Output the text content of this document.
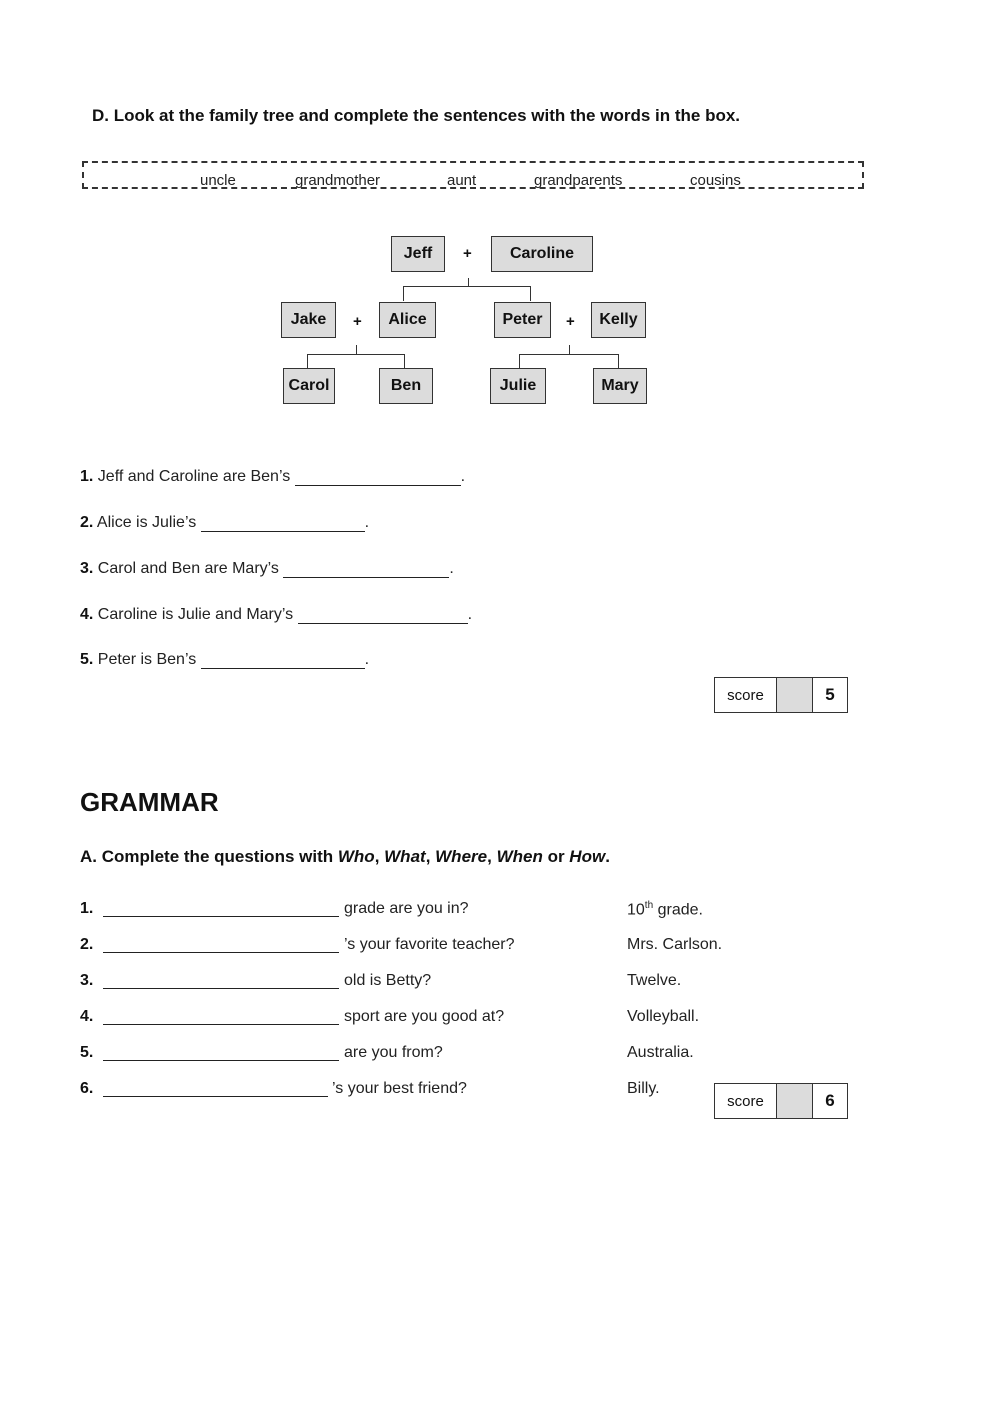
D. Look at the family tree and complete the sentences with the words in the box.
uncle	grandmother	aunt	grandparents	cousins
Jeff	+	Caroline
Jake	+	Alice	Peter	+	Kelly
Carol	Ben	Julie	Mary
1. Jeff and Caroline are Ben’s	.
2. Alice is Julie’s	.
3. Carol and Ben are Mary’s	.
4. Caroline is Julie and Mary’s	.
5. Peter is Ben’s	.
score	5
GRAMMAR
A. Complete the questions with Who, What, Where, When or How.
1.	grade are you in?	10th grade.
2.	’s your favorite teacher?	Mrs. Carlson.
3.	old is Betty?	Twelve.
4.	sport are you good at?	Volleyball.
5.	are you from?	Australia.
6.	’s your best friend?	Billy.
score	6
